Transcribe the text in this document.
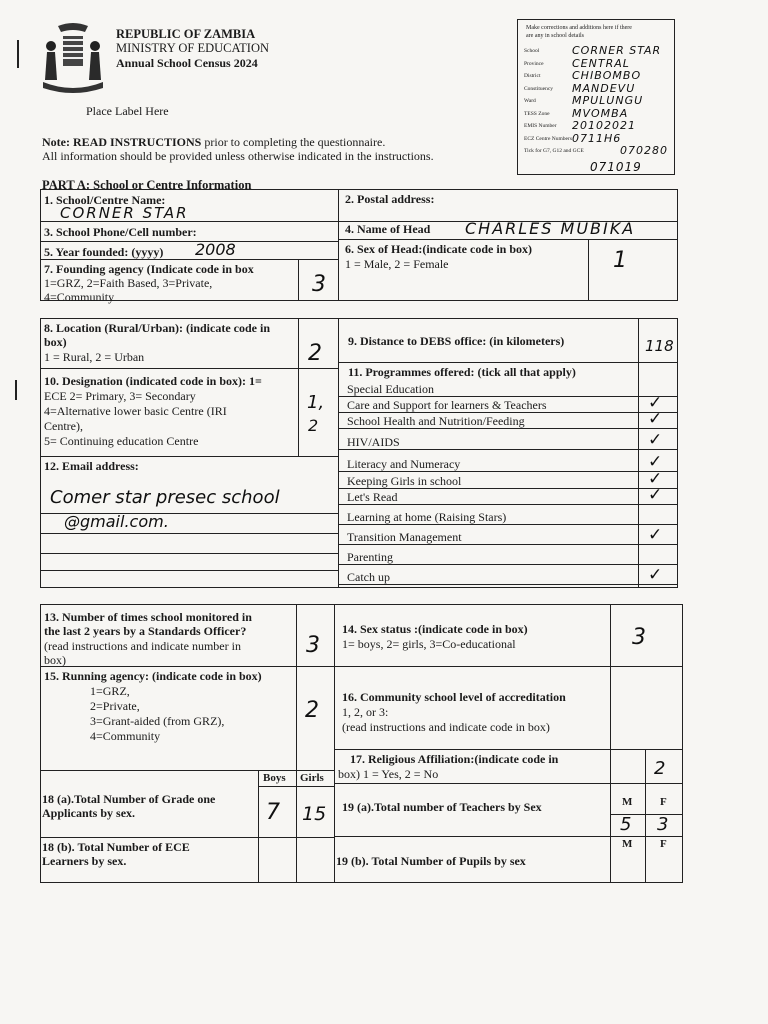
REPUBLIC OF ZAMBIA
MINISTRY OF EDUCATION
Annual School Census 2024
Place Label Here
Note: READ INSTRUCTIONS prior to completing the questionnaire.
All information should be provided unless otherwise indicated in the instructions.
Make corrections and additions here if there
are any in school details
School	CORNER STAR
Province	CENTRAL
District	CHIBOMBO
Constituency MANDEVU
Ward	MPULUNGU
TESS Zone MVOMBA
EMIS Number 20102021
ECZ Centre Numbers 0711H6
Tick for G7, G12 and GCE	070280
071019
PART A: School or Centre Information
1. School/Centre Name:
CORNER STAR
2. Postal address:
3. School Phone/Cell number:	4. Name of Head CHARLES MUBIKA
5. Year founded: (yyyy) 2008	6. Sex of Head:(indicate code in box)
1 = Male, 2 = Female	1
7. Founding agency (Indicate code in box
1=GRZ, 2=Faith Based, 3=Private,
4=Community	3
8. Location (Rural/Urban): (indicate code in
box)
1 = Rural, 2 = Urban	2 9. Distance to DEBS office: (in kilometers)	118
10. Designation (indicated code in box): 1=
ECE 2= Primary, 3= Secondary
4=Alternative lower basic Centre (IRI
Centre),
5= Continuing education Centre
1,
2
11. Programmes offered: (tick all that apply)
Special Education
Care and Support for learners & Teachers	✓
School Health and Nutrition/Feeding	✓
HIV/AIDS	✓
Literacy and Numeracy	✓
Keeping Girls in school	✓
Let's Read	✓
Learning at home (Raising Stars)
Transition Management	✓
Parenting
Catch up	✓
12. Email address:
Comer star presec school
@gmail.com.
13. Number of times school monitored in
the last 2 years by a Standards Officer?
(read instructions and indicate number in
box)
3
14. Sex status :(indicate code in box)
1= boys, 2= girls, 3=Co-educational	3
15. Running agency: (indicate code in box)
1=GRZ,
2=Private,
3=Grant-aided (from GRZ),
4=Community
2
16. Community school level of accreditation
1, 2, or 3:
(read instructions and indicate code in box)
17. Religious Affiliation:(indicate code in
box) 1 = Yes, 2 = No	2
Boys Girls
18 (a).Total Number of Grade one
Applicants by sex.	7 15
18 (b). Total Number of ECE
Learners by sex.
19 (a).Total number of Teachers by Sex	M	F
5 3
19 (b). Total Number of Pupils by sex
M	F
